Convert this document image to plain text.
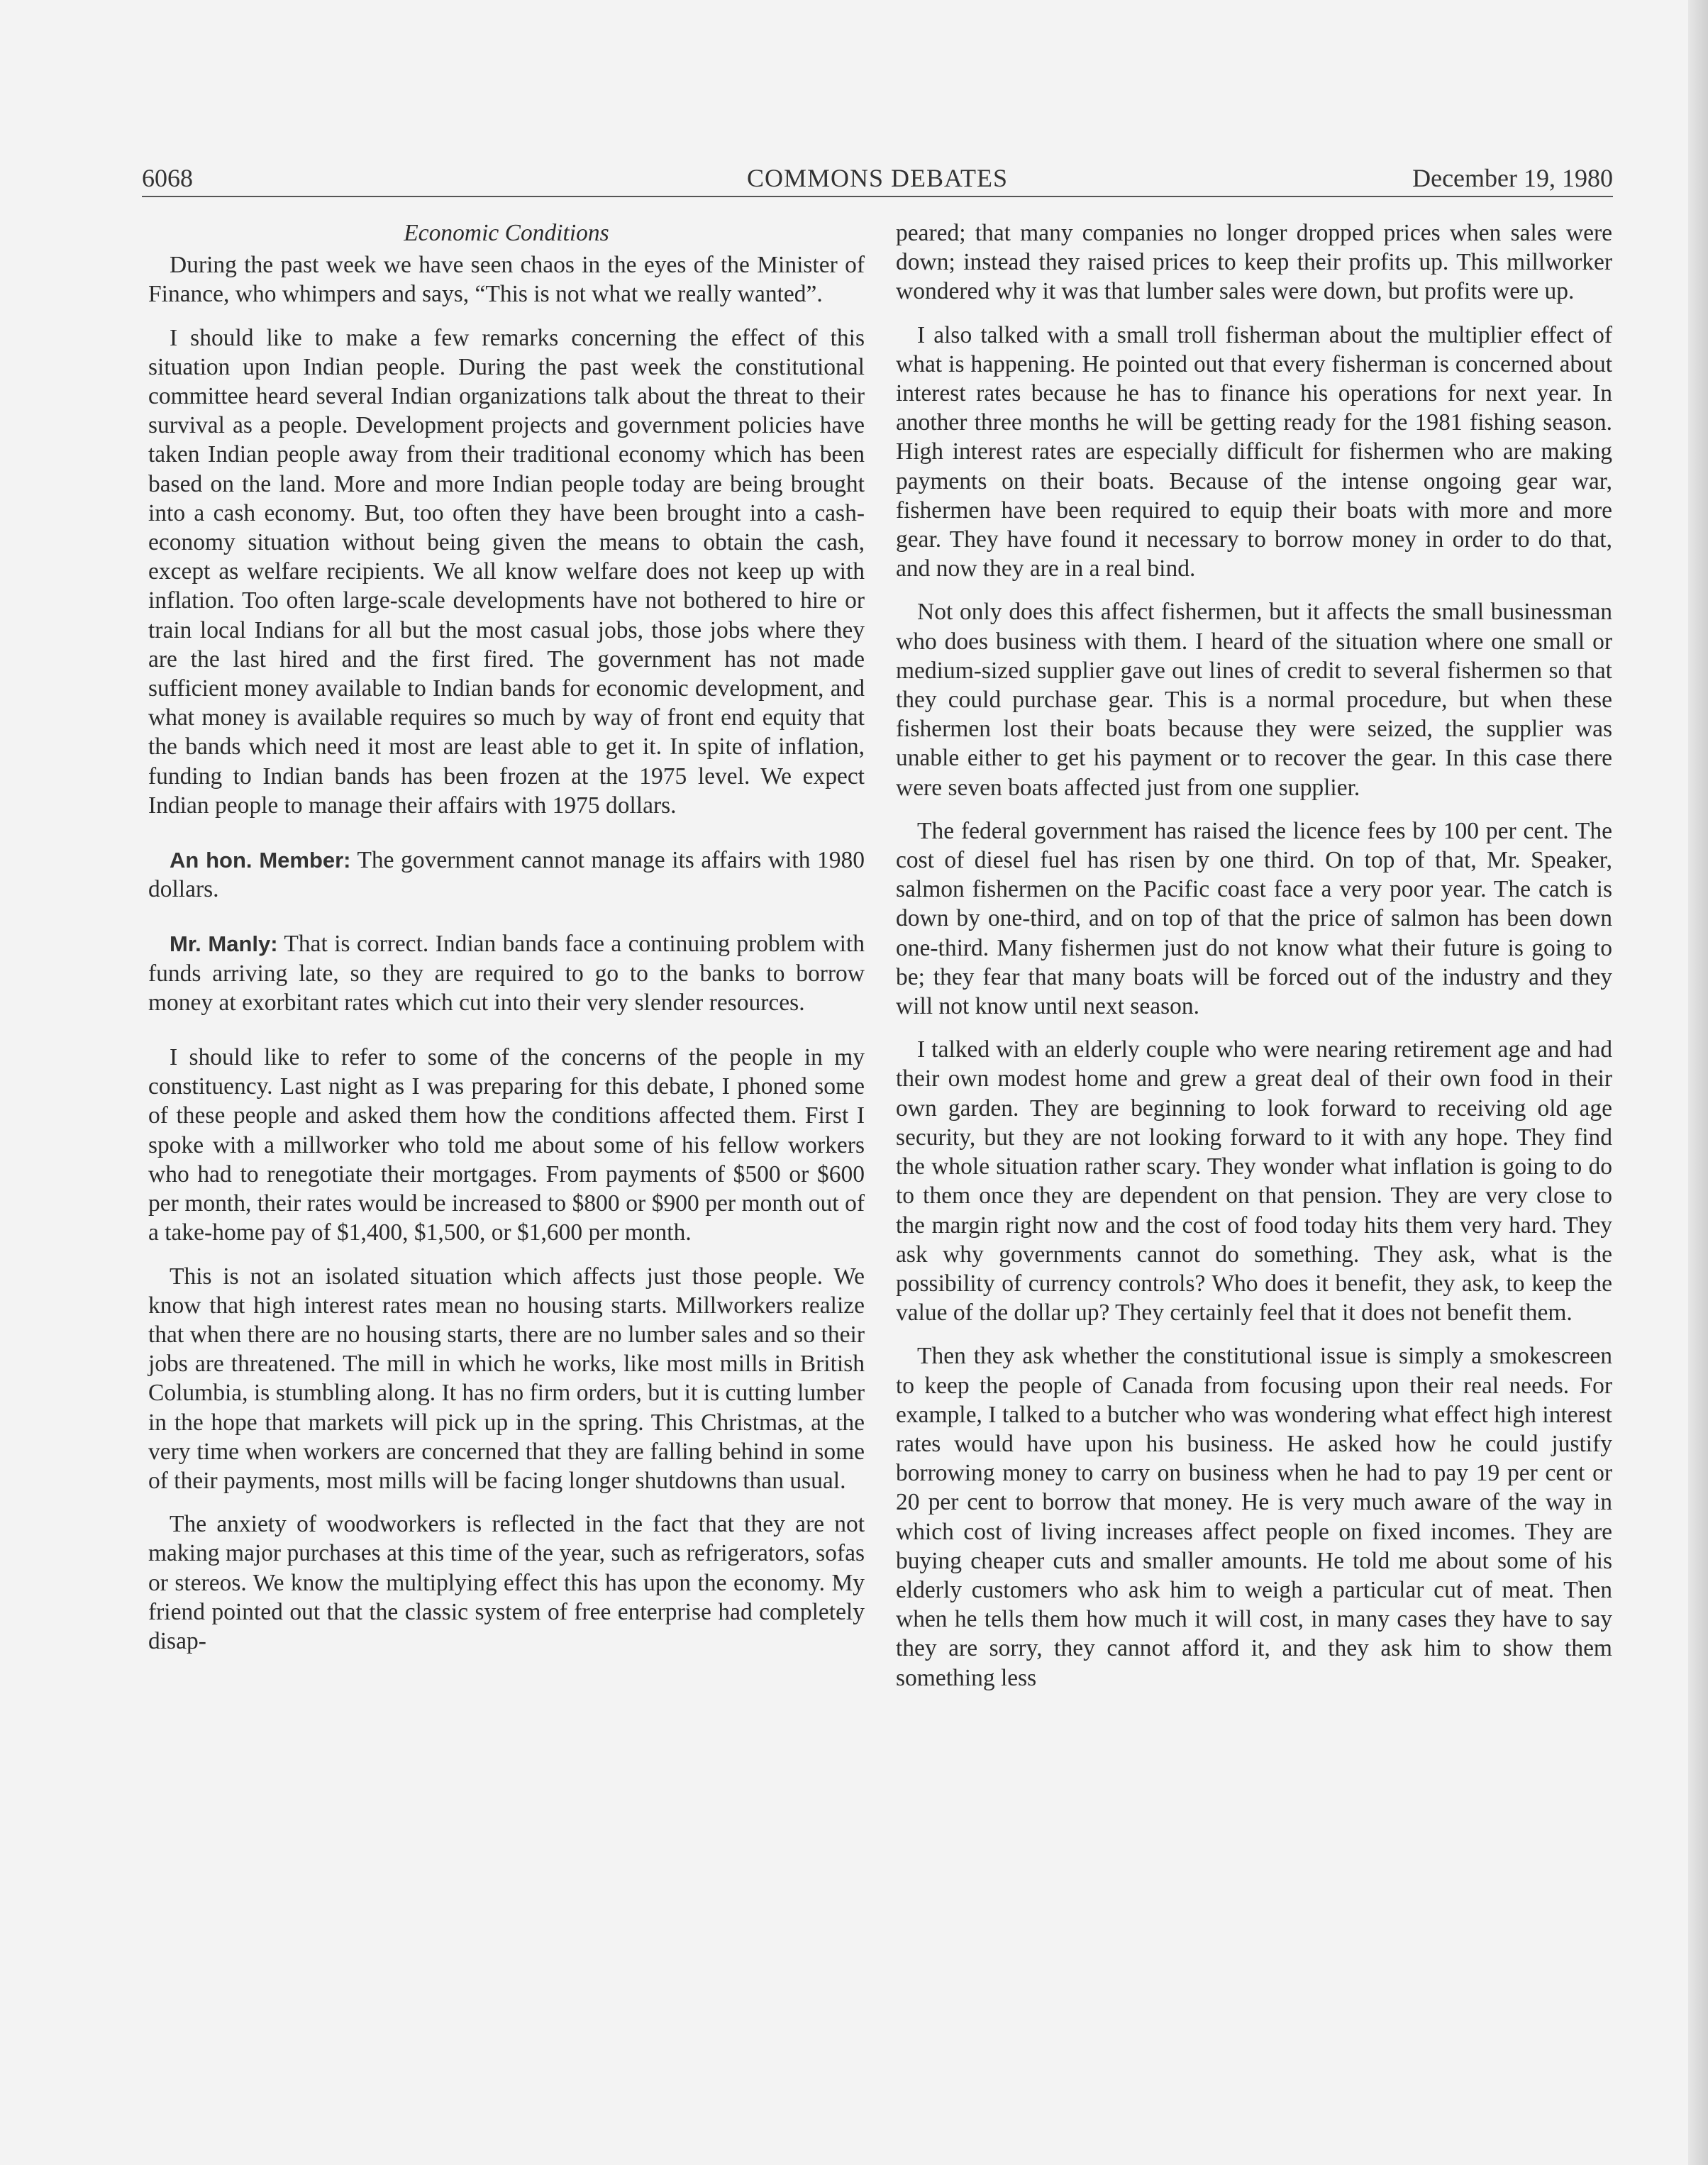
6068	COMMONS DEBATES	December 19, 1980

Economic Conditions

During the past week we have seen chaos in the eyes of the Minister of Finance, who whimpers and says, “This is not what we really wanted”.

I should like to make a few remarks concerning the effect of this situation upon Indian people. During the past week the constitutional committee heard several Indian organizations talk about the threat to their survival as a people. Development projects and government policies have taken Indian people away from their traditional economy which has been based on the land. More and more Indian people today are being brought into a cash economy. But, too often they have been brought into a cash-economy situation without being given the means to obtain the cash, except as welfare recipients. We all know welfare does not keep up with inflation. Too often large-scale developments have not bothered to hire or train local Indians for all but the most casual jobs, those jobs where they are the last hired and the first fired. The government has not made sufficient money available to Indian bands for economic development, and what money is available requires so much by way of front end equity that the bands which need it most are least able to get it. In spite of inflation, funding to Indian bands has been frozen at the 1975 level. We expect Indian people to manage their affairs with 1975 dollars.

An hon. Member: The government cannot manage its affairs with 1980 dollars.

Mr. Manly: That is correct. Indian bands face a continuing problem with funds arriving late, so they are required to go to the banks to borrow money at exorbitant rates which cut into their very slender resources.

I should like to refer to some of the concerns of the people in my constituency. Last night as I was preparing for this debate, I phoned some of these people and asked them how the conditions affected them. First I spoke with a millworker who told me about some of his fellow workers who had to renegotiate their mortgages. From payments of $500 or $600 per month, their rates would be increased to $800 or $900 per month out of a take-home pay of $1,400, $1,500, or $1,600 per month.

This is not an isolated situation which affects just those people. We know that high interest rates mean no housing starts. Millworkers realize that when there are no housing starts, there are no lumber sales and so their jobs are threatened. The mill in which he works, like most mills in British Columbia, is stumbling along. It has no firm orders, but it is cutting lumber in the hope that markets will pick up in the spring. This Christmas, at the very time when workers are concerned that they are falling behind in some of their payments, most mills will be facing longer shutdowns than usual.

The anxiety of woodworkers is reflected in the fact that they are not making major purchases at this time of the year, such as refrigerators, sofas or stereos. We know the multiplying effect this has upon the economy. My friend pointed out that the classic system of free enterprise had completely disap-

peared; that many companies no longer dropped prices when sales were down; instead they raised prices to keep their profits up. This millworker wondered why it was that lumber sales were down, but profits were up.

I also talked with a small troll fisherman about the multiplier effect of what is happening. He pointed out that every fisherman is concerned about interest rates because he has to finance his operations for next year. In another three months he will be getting ready for the 1981 fishing season. High interest rates are especially difficult for fishermen who are making payments on their boats. Because of the intense ongoing gear war, fishermen have been required to equip their boats with more and more gear. They have found it necessary to borrow money in order to do that, and now they are in a real bind.

Not only does this affect fishermen, but it affects the small businessman who does business with them. I heard of the situation where one small or medium-sized supplier gave out lines of credit to several fishermen so that they could purchase gear. This is a normal procedure, but when these fishermen lost their boats because they were seized, the supplier was unable either to get his payment or to recover the gear. In this case there were seven boats affected just from one supplier.

The federal government has raised the licence fees by 100 per cent. The cost of diesel fuel has risen by one third. On top of that, Mr. Speaker, salmon fishermen on the Pacific coast face a very poor year. The catch is down by one-third, and on top of that the price of salmon has been down one-third. Many fishermen just do not know what their future is going to be; they fear that many boats will be forced out of the industry and they will not know until next season.

I talked with an elderly couple who were nearing retirement age and had their own modest home and grew a great deal of their own food in their own garden. They are beginning to look forward to receiving old age security, but they are not looking forward to it with any hope. They find the whole situation rather scary. They wonder what inflation is going to do to them once they are dependent on that pension. They are very close to the margin right now and the cost of food today hits them very hard. They ask why governments cannot do something. They ask, what is the possibility of currency controls? Who does it benefit, they ask, to keep the value of the dollar up? They certainly feel that it does not benefit them.

Then they ask whether the constitutional issue is simply a smokescreen to keep the people of Canada from focusing upon their real needs. For example, I talked to a butcher who was wondering what effect high interest rates would have upon his business. He asked how he could justify borrowing money to carry on business when he had to pay 19 per cent or 20 per cent to borrow that money. He is very much aware of the way in which cost of living increases affect people on fixed incomes. They are buying cheaper cuts and smaller amounts. He told me about some of his elderly customers who ask him to weigh a particular cut of meat. Then when he tells them how much it will cost, in many cases they have to say they are sorry, they cannot afford it, and they ask him to show them something less
